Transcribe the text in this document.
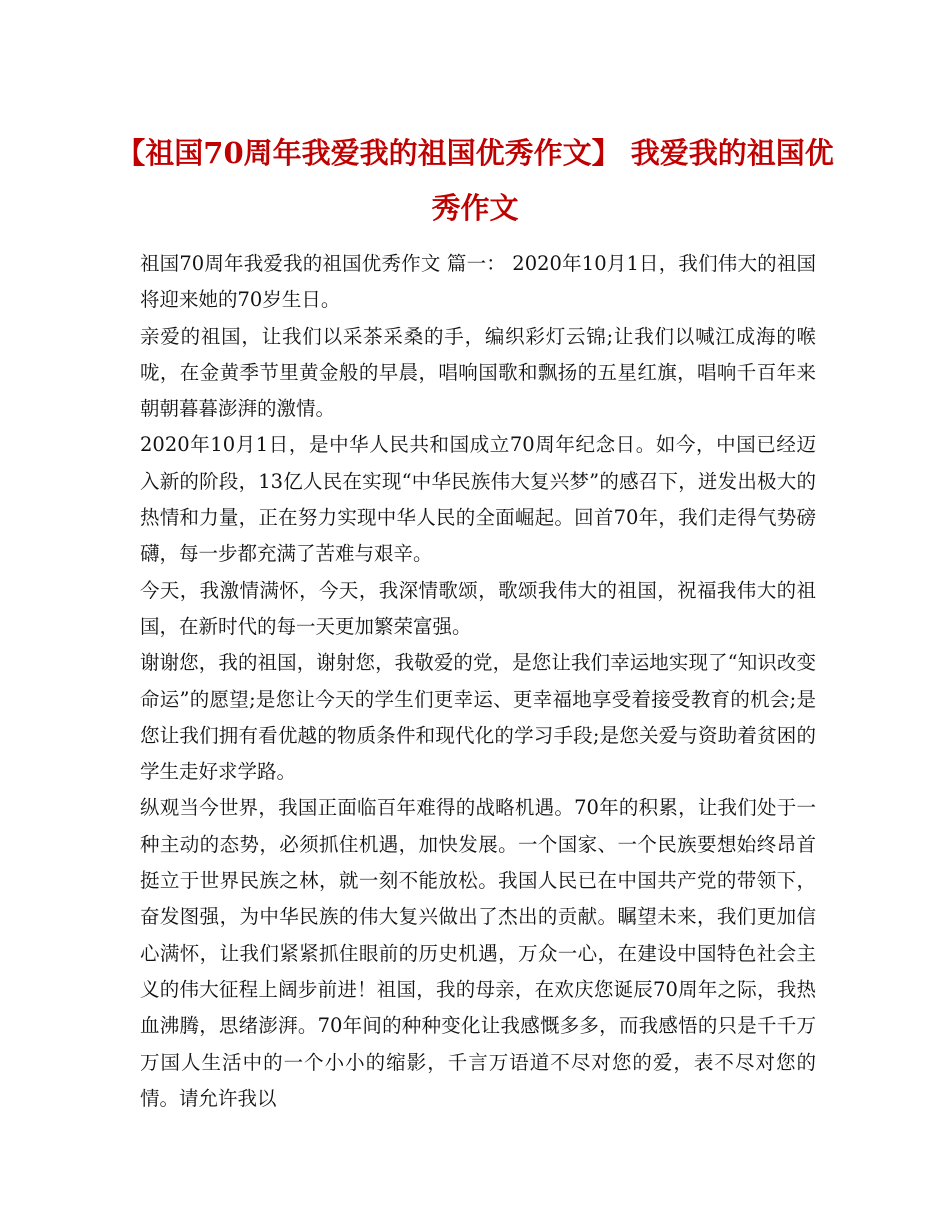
【祖国70周年我爱我的祖国优秀作文】 我爱我的祖国优秀作文

祖国70周年我爱我的祖国优秀作文 篇一： 2020年10月1日，我们伟大的祖国将迎来她的70岁生日。

亲爱的祖国，让我们以采茶采桑的手，编织彩灯云锦;让我们以喊江成海的喉咙，在金黄季节里黄金般的早晨，唱响国歌和飘扬的五星红旗，唱响千百年来朝朝暮暮澎湃的激情。

2020年10月1日，是中华人民共和国成立70周年纪念日。如今，中国已经迈入新的阶段，13亿人民在实现“中华民族伟大复兴梦”的感召下，迸发出极大的热情和力量，正在努力实现中华人民的全面崛起。回首70年，我们走得气势磅礴，每一步都充满了苦难与艰辛。

今天，我激情满怀，今天，我深情歌颂，歌颂我伟大的祖国，祝福我伟大的祖国，在新时代的每一天更加繁荣富强。

谢谢您，我的祖国，谢射您，我敬爱的党，是您让我们幸运地实现了“知识改变命运”的愿望;是您让今天的学生们更幸运、更幸福地享受着接受教育的机会;是您让我们拥有看优越的物质条件和现代化的学习手段;是您关爱与资助着贫困的学生走好求学路。

纵观当今世界，我国正面临百年难得的战略机遇。70年的积累，让我们处于一种主动的态势，必须抓住机遇，加快发展。一个国家、一个民族要想始终昂首挺立于世界民族之林，就一刻不能放松。我国人民已在中国共产党的带领下，奋发图强，为中华民族的伟大复兴做出了杰出的贡献。瞩望未来，我们更加信心满怀，让我们紧紧抓住眼前的历史机遇，万众一心，在建设中国特色社会主义的伟大征程上阔步前进！祖国，我的母亲，在欢庆您诞辰70周年之际，我热血沸腾，思绪澎湃。70年间的种种变化让我感慨多多，而我感悟的只是千千万万国人生活中的一个小小的缩影，千言万语道不尽对您的爱，表不尽对您的情。请允许我以
